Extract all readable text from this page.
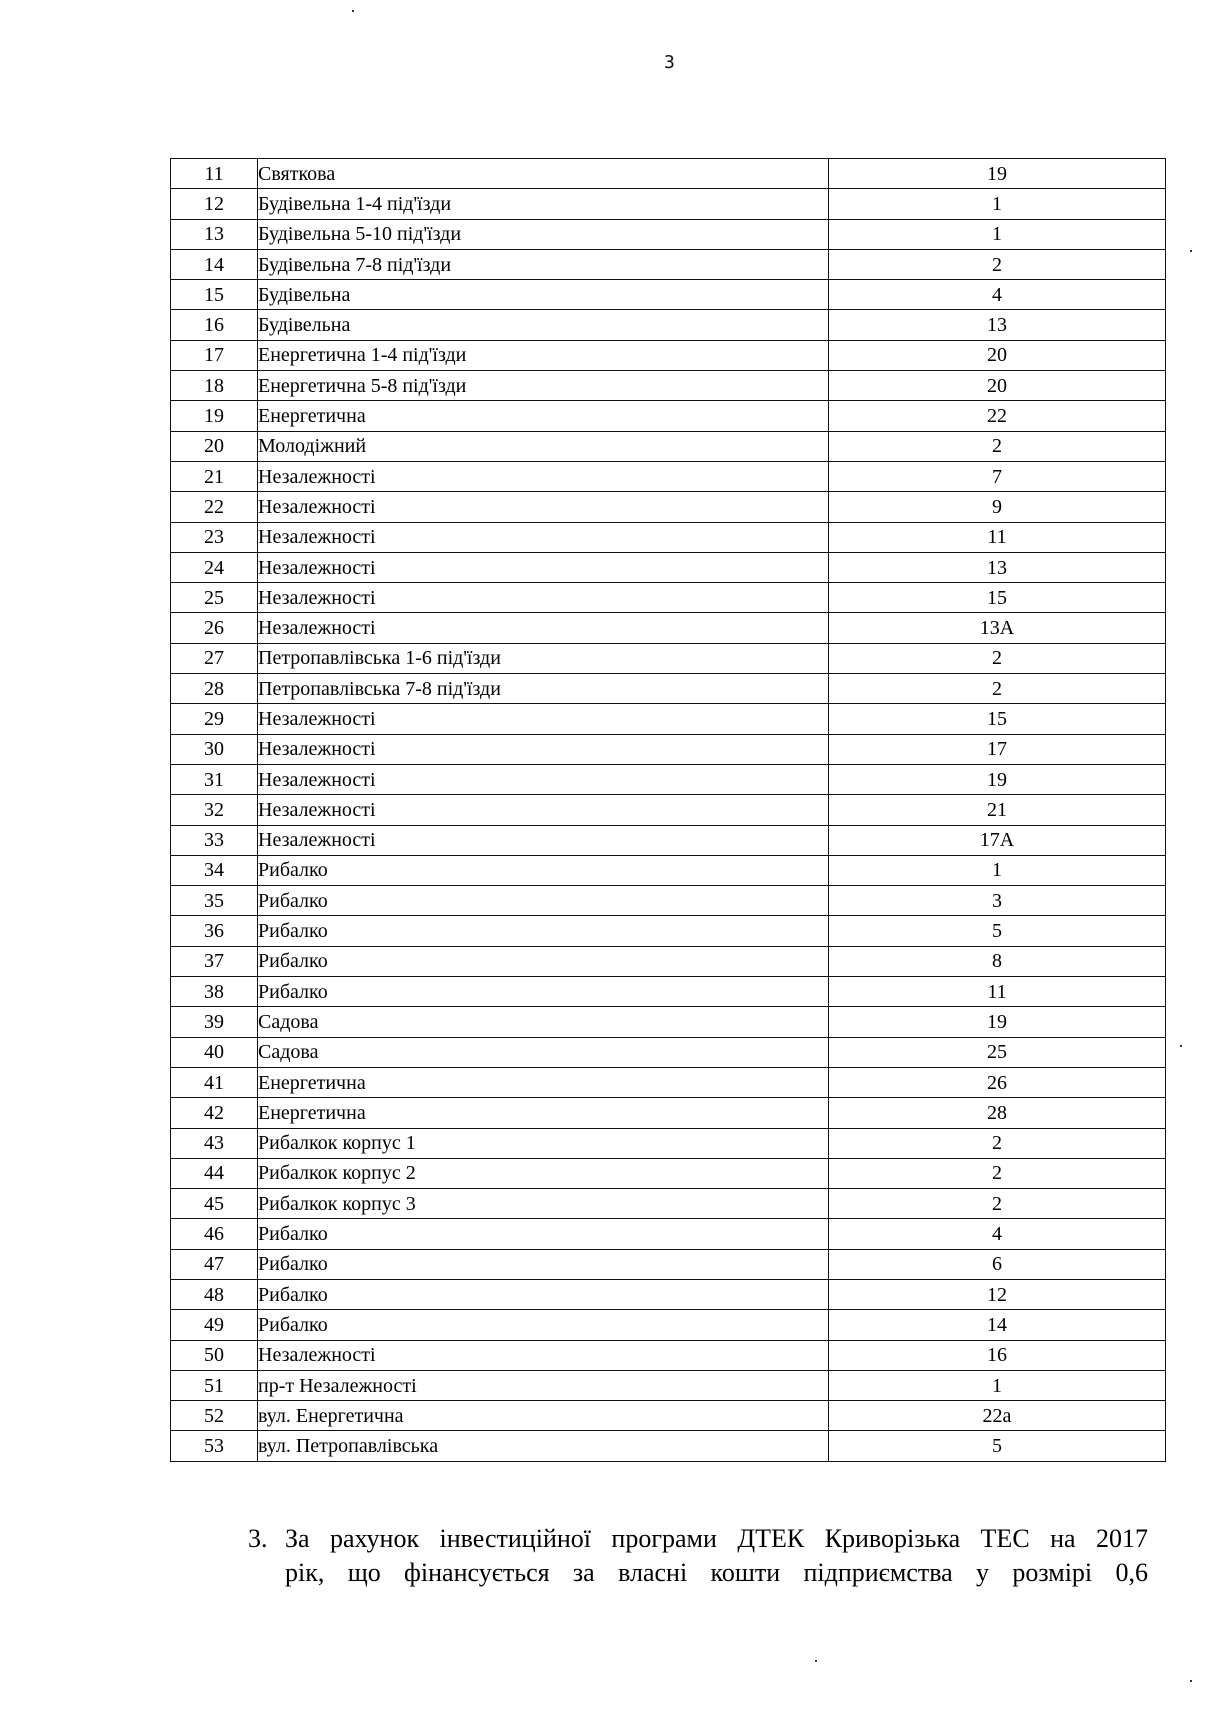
3
11	Святкова	19
12	Будівельна 1-4 під'їзди	1
13	Будівельна 5-10 під'їзди	1
14	Будівельна 7-8 під'їзди	2
15	Будівельна	4
16	Будівельна	13
17	Енергетична 1-4 під'їзди	20
18	Енергетична 5-8 під'їзди	20
19	Енергетична	22
20	Молодіжний	2
21	Незалежності	7
22	Незалежності	9
23	Незалежності	11
24	Незалежності	13
25	Незалежності	15
26	Незалежності	13А
27	Петропавлівська 1-6 під'їзди	2
28	Петропавлівська 7-8 під'їзди	2
29	Незалежності	15
30	Незалежності	17
31	Незалежності	19
32	Незалежності	21
33	Незалежності	17А
34	Рибалко	1
35	Рибалко	3
36	Рибалко	5
37	Рибалко	8
38	Рибалко	11
39	Садова	19
40	Садова	25
41	Енергетична	26
42	Енергетична	28
43	Рибалкок корпус 1	2
44	Рибалкок корпус 2	2
45	Рибалкок корпус 3	2
46	Рибалко	4
47	Рибалко	6
48	Рибалко	12
49	Рибалко	14
50	Незалежності	16
51	пр-т Незалежності	1
52	вул. Енергетична	22а
53	вул. Петропавлівська	5
3. За рахунок інвестиційної програми ДТЕК Криворізька ТЕС на 2017
рік, що фінансується за власні кошти підприємства у розмірі 0,6
